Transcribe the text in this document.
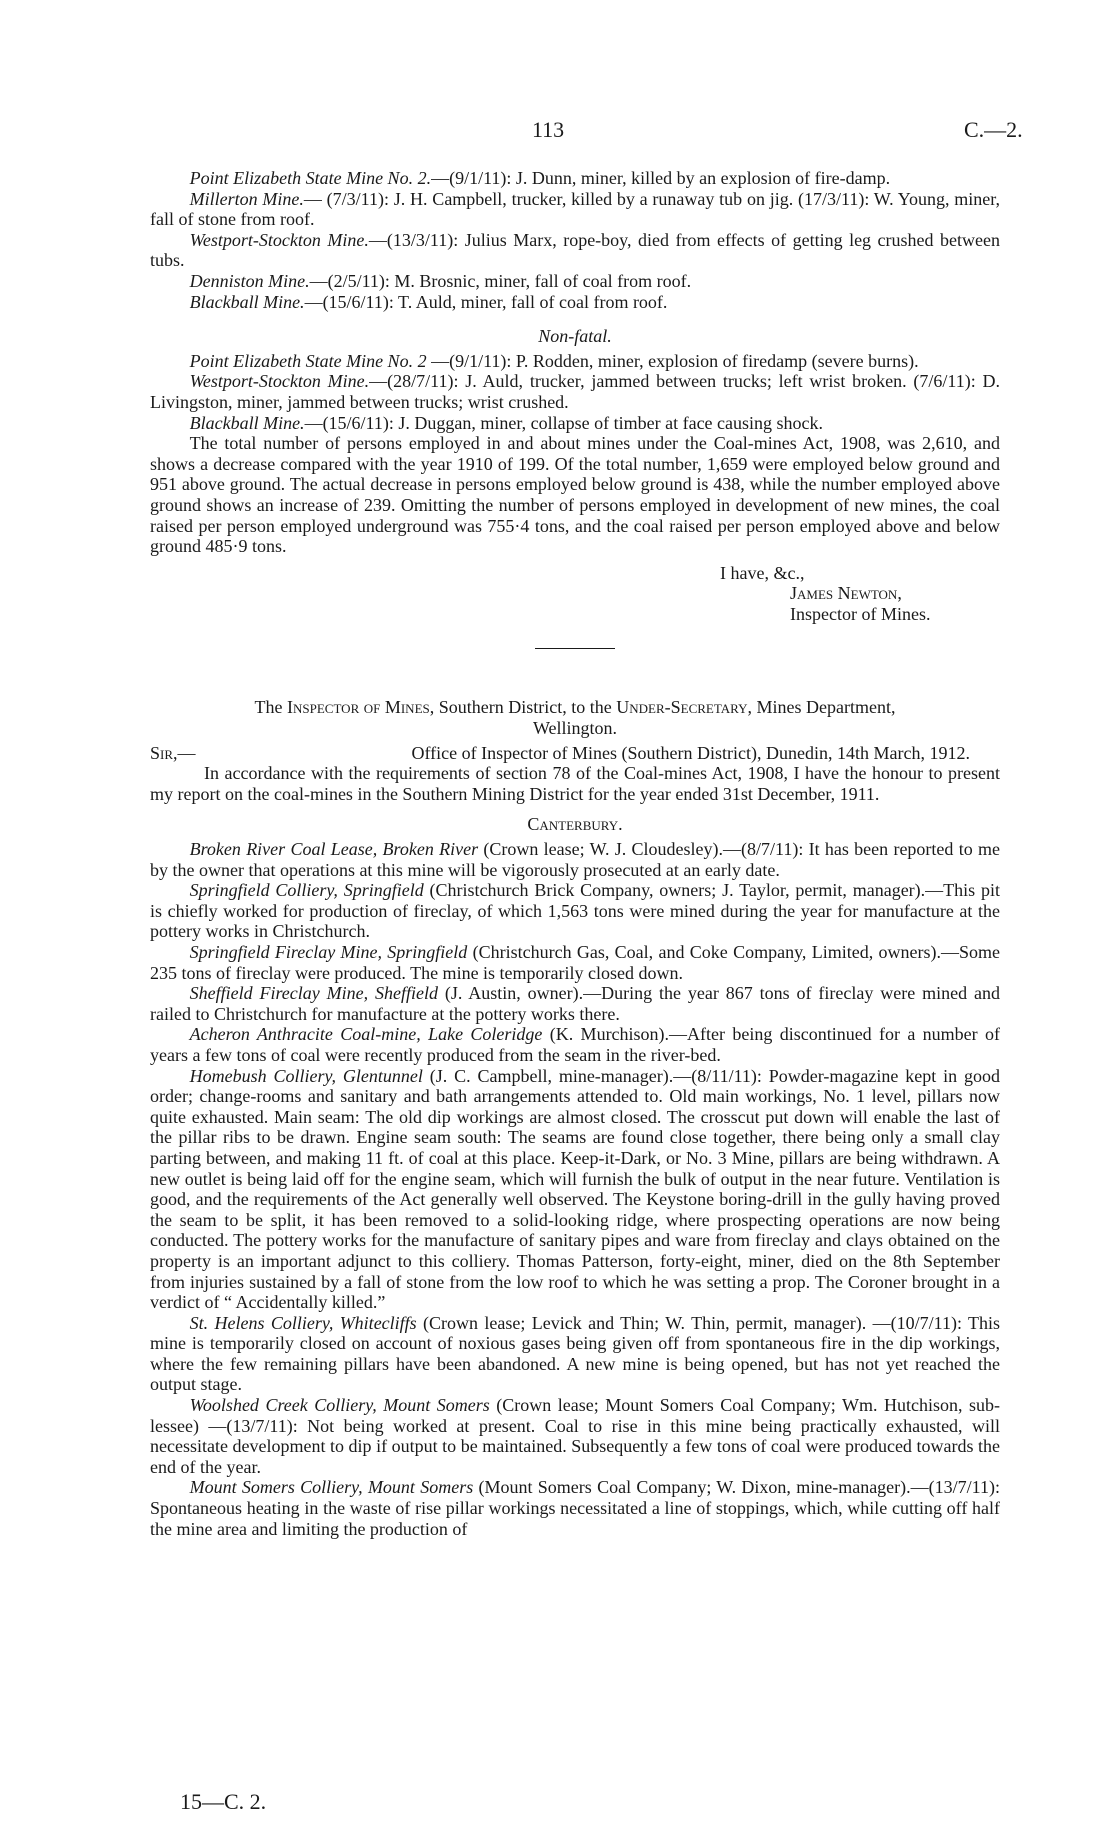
113	C.—2.

Point Elizabeth State Mine No. 2.—(9/1/11): J. Dunn, miner, killed by an explosion of fire-damp.

Millerton Mine.— (7/3/11): J. H. Campbell, trucker, killed by a runaway tub on jig. (17/3/11): W. Young, miner, fall of stone from roof.

Westport-Stockton Mine.—(13/3/11): Julius Marx, rope-boy, died from effects of getting leg crushed between tubs.

Denniston Mine.—(2/5/11): M. Brosnic, miner, fall of coal from roof.

Blackball Mine.—(15/6/11): T. Auld, miner, fall of coal from roof.

Non-fatal.

Point Elizabeth State Mine No. 2 —(9/1/11): P. Rodden, miner, explosion of firedamp (severe burns).

Westport-Stockton Mine.—(28/7/11): J. Auld, trucker, jammed between trucks; left wrist broken. (7/6/11): D. Livingston, miner, jammed between trucks; wrist crushed.

Blackball Mine.—(15/6/11): J. Duggan, miner, collapse of timber at face causing shock.

The total number of persons employed in and about mines under the Coal-mines Act, 1908, was 2,610, and shows a decrease compared with the year 1910 of 199. Of the total number, 1,659 were employed below ground and 951 above ground. The actual decrease in persons employed below ground is 438, while the number employed above ground shows an increase of 239. Omitting the number of persons employed in development of new mines, the coal raised per person employed underground was 755·4 tons, and the coal raised per person employed above and below ground 485·9 tons.

I have, &c.,

James Newton,

Inspector of Mines.

The Inspector of Mines, Southern District, to the Under-Secretary, Mines Department,

Wellington.

Sir,—	Office of Inspector of Mines (Southern District), Dunedin, 14th March, 1912.

In accordance with the requirements of section 78 of the Coal-mines Act, 1908, I have the honour to present my report on the coal-mines in the Southern Mining District for the year ended 31st December, 1911.

Canterbury.

Broken River Coal Lease, Broken River (Crown lease; W. J. Cloudesley).—(8/7/11): It has been reported to me by the owner that operations at this mine will be vigorously prosecuted at an early date.

Springfield Colliery, Springfield (Christchurch Brick Company, owners; J. Taylor, permit, manager).—This pit is chiefly worked for production of fireclay, of which 1,563 tons were mined during the year for manufacture at the pottery works in Christchurch.

Springfield Fireclay Mine, Springfield (Christchurch Gas, Coal, and Coke Company, Limited, owners).—Some 235 tons of fireclay were produced. The mine is temporarily closed down.

Sheffield Fireclay Mine, Sheffield (J. Austin, owner).—During the year 867 tons of fireclay were mined and railed to Christchurch for manufacture at the pottery works there.

Acheron Anthracite Coal-mine, Lake Coleridge (K. Murchison).—After being discontinued for a number of years a few tons of coal were recently produced from the seam in the river-bed.

Homebush Colliery, Glentunnel (J. C. Campbell, mine-manager).—(8/11/11): Powder-magazine kept in good order; change-rooms and sanitary and bath arrangements attended to. Old main workings, No. 1 level, pillars now quite exhausted. Main seam: The old dip workings are almost closed. The crosscut put down will enable the last of the pillar ribs to be drawn. Engine seam south: The seams are found close together, there being only a small clay parting between, and making 11 ft. of coal at this place. Keep-it-Dark, or No. 3 Mine, pillars are being withdrawn. A new outlet is being laid off for the engine seam, which will furnish the bulk of output in the near future. Ventilation is good, and the requirements of the Act generally well observed. The Keystone boring-drill in the gully having proved the seam to be split, it has been removed to a solid-looking ridge, where prospecting operations are now being conducted. The pottery works for the manufacture of sanitary pipes and ware from fireclay and clays obtained on the property is an important adjunct to this colliery. Thomas Patterson, forty-eight, miner, died on the 8th September from injuries sustained by a fall of stone from the low roof to which he was setting a prop. The Coroner brought in a verdict of “ Accidentally killed.”

St. Helens Colliery, Whitecliffs (Crown lease; Levick and Thin; W. Thin, permit, manager). —(10/7/11): This mine is temporarily closed on account of noxious gases being given off from spontaneous fire in the dip workings, where the few remaining pillars have been abandoned. A new mine is being opened, but has not yet reached the output stage.

Woolshed Creek Colliery, Mount Somers (Crown lease; Mount Somers Coal Company; Wm. Hutchison, sub-lessee) —(13/7/11): Not being worked at present. Coal to rise in this mine being practically exhausted, will necessitate development to dip if output to be maintained. Subsequently a few tons of coal were produced towards the end of the year.

Mount Somers Colliery, Mount Somers (Mount Somers Coal Company; W. Dixon, mine-manager).—(13/7/11): Spontaneous heating in the waste of rise pillar workings necessitated a line of stoppings, which, while cutting off half the mine area and limiting the production of

15—C. 2.
